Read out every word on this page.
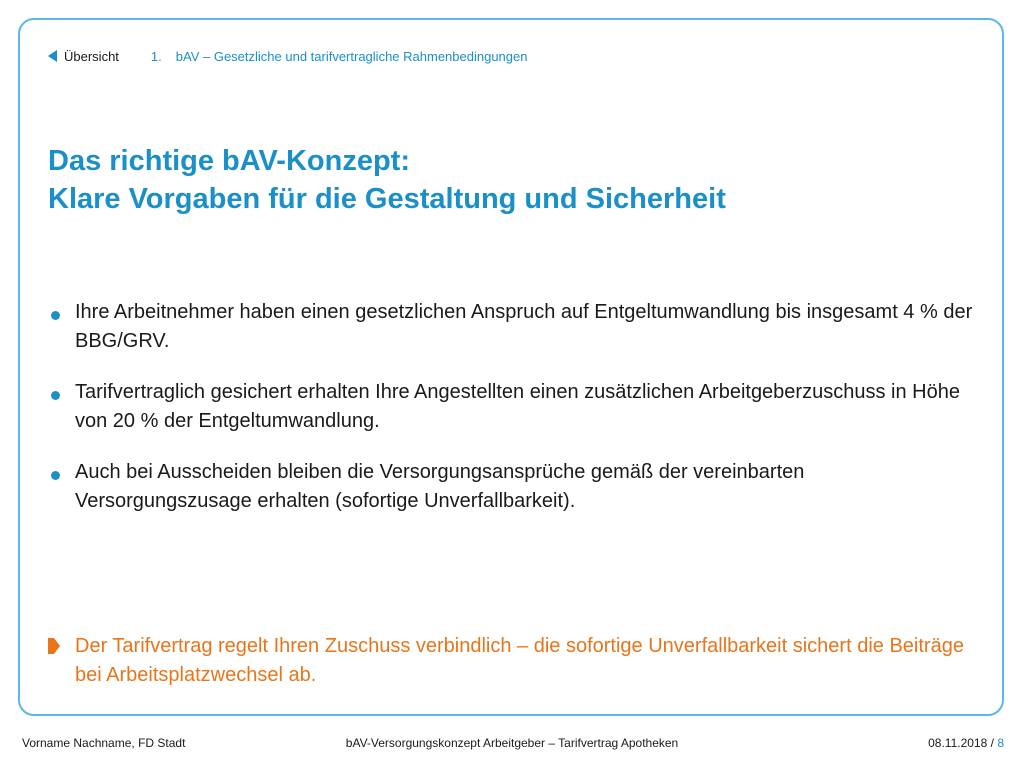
Übersicht 1. bAV – Gesetzliche und tarifvertragliche Rahmenbedingungen
Das richtige bAV-Konzept:
Klare Vorgaben für die Gestaltung und Sicherheit
Ihre Arbeitnehmer haben einen gesetzlichen Anspruch auf Entgeltumwandlung bis insgesamt 4 % der BBG/GRV.
Tarifvertraglich gesichert erhalten Ihre Angestellten einen zusätzlichen Arbeitgeberzuschuss in Höhe von 20 % der Entgeltumwandlung.
Auch bei Ausscheiden bleiben die Versorgungsansprüche gemäß der vereinbarten Versorgungszusage erhalten (sofortige Unverfallbarkeit).
Der Tarifvertrag regelt Ihren Zuschuss verbindlich – die sofortige Unverfallbarkeit sichert die Beiträge bei Arbeitsplatzwechsel ab.
Vorname Nachname, FD Stadt	bAV-Versorgungskonzept Arbeitgeber – Tarifvertrag Apotheken	08.11.2018 / 8
